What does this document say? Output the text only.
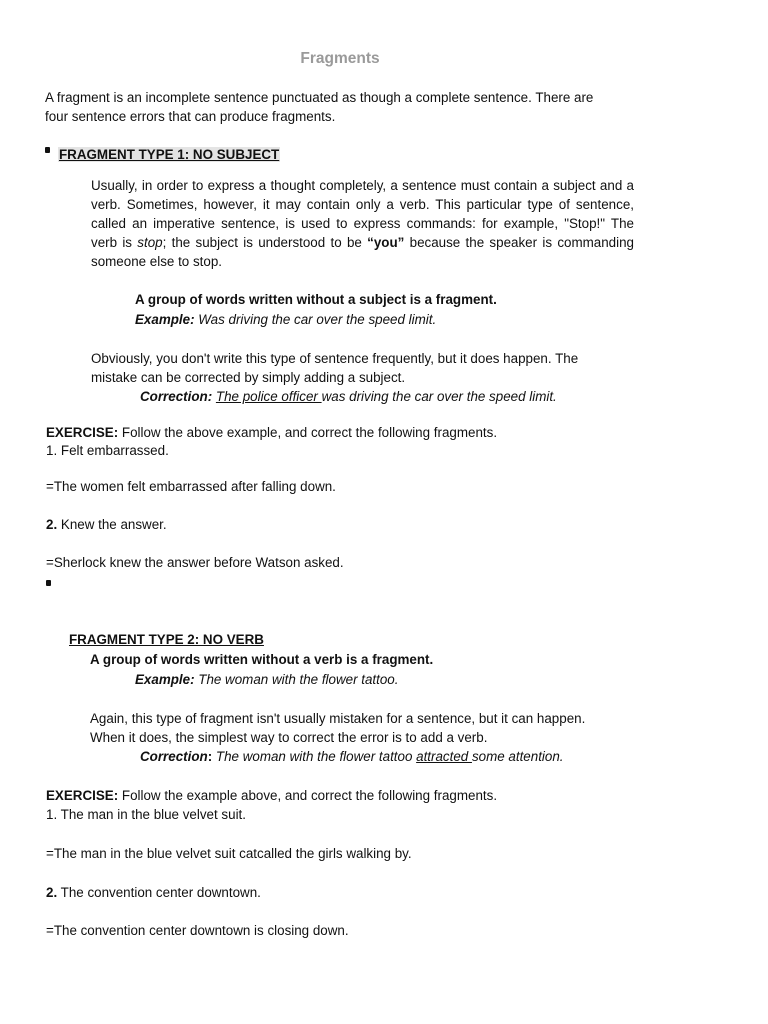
Fragments

A fragment is an incomplete sentence punctuated as though a complete sentence. There are

four sentence errors that can produce fragments.

FRAGMENT TYPE 1: NO SUBJECT

Usually, in order to express a thought completely, a sentence must contain a subject and a verb. Sometimes, however, it may contain only a verb. This particular type of sentence, called an imperative sentence, is used to express commands: for example, "Stop!" The verb is stop; the subject is understood to be “you” because the speaker is commanding someone else to stop.

A group of words written without a subject is a fragment.

Example: Was driving the car over the speed limit.

Obviously, you don't write this type of sentence frequently, but it does happen. The

mistake can be corrected by simply adding a subject.

Correction: The police officer was driving the car over the speed limit.

EXERCISE: Follow the above example, and correct the following fragments.

1. Felt embarrassed.

=The women felt embarrassed after falling down.

2. Knew the answer.

=Sherlock knew the answer before Watson asked.

FRAGMENT TYPE 2: NO VERB

A group of words written without a verb is a fragment.

Example: The woman with the flower tattoo.

Again, this type of fragment isn't usually mistaken for a sentence, but it can happen.

When it does, the simplest way to correct the error is to add a verb.

Correction: The woman with the flower tattoo attracted some attention.

EXERCISE: Follow the example above, and correct the following fragments.

1. The man in the blue velvet suit.

=The man in the blue velvet suit catcalled the girls walking by.

2. The convention center downtown.

=The convention center downtown is closing down.
